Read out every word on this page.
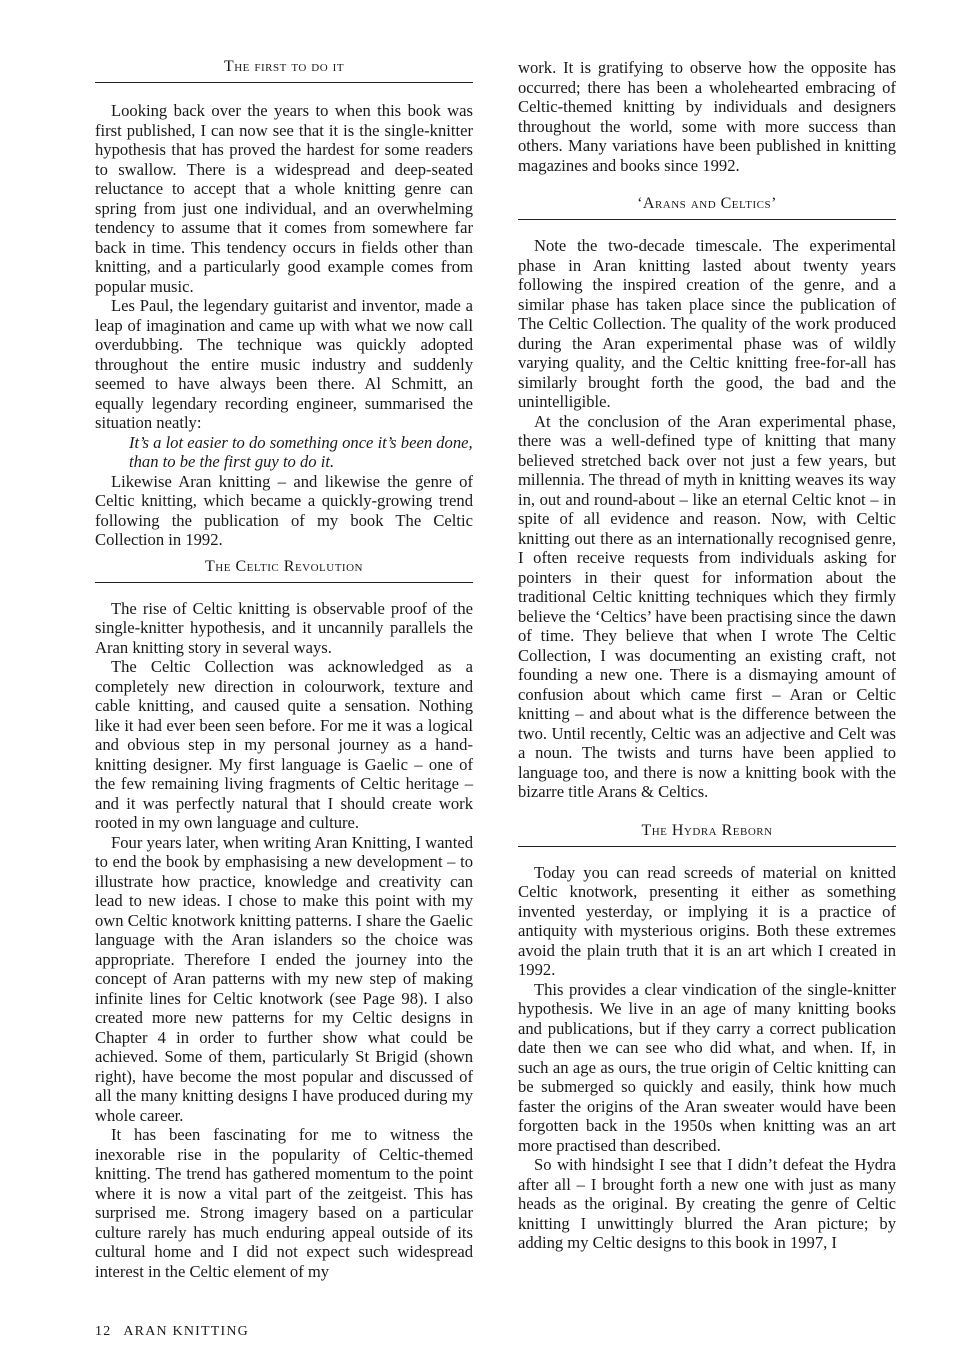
The first to do it

Looking back over the years to when this book was first published, I can now see that it is the single-knitter hypothesis that has proved the hardest for some readers to swallow. There is a widespread and deep-seated reluctance to accept that a whole knitting genre can spring from just one individual, and an overwhelming tendency to assume that it comes from somewhere far back in time. This tendency occurs in fields other than knitting, and a particularly good example comes from popular music.

Les Paul, the legendary guitarist and inventor, made a leap of imagination and came up with what we now call overdubbing. The technique was quickly adopted throughout the entire music industry and suddenly seemed to have always been there. Al Schmitt, an equally legendary recording engineer, summarised the situation neatly:

It’s a lot easier to do something once it’s been done, than to be the first guy to do it.

Likewise Aran knitting – and likewise the genre of Celtic knitting, which became a quickly-growing trend following the publication of my book The Celtic Collection in 1992.

The Celtic Revolution

The rise of Celtic knitting is observable proof of the single-knitter hypothesis, and it uncannily parallels the Aran knitting story in several ways.

The Celtic Collection was acknowledged as a completely new direction in colourwork, texture and cable knitting, and caused quite a sensation. Nothing like it had ever been seen before. For me it was a logical and obvious step in my personal journey as a hand-knitting designer. My first language is Gaelic – one of the few remaining living fragments of Celtic heritage – and it was perfectly natural that I should create work rooted in my own language and culture.

Four years later, when writing Aran Knitting, I wanted to end the book by emphasising a new development – to illustrate how practice, knowledge and creativity can lead to new ideas. I chose to make this point with my own Celtic knotwork knitting patterns. I share the Gaelic language with the Aran islanders so the choice was appropriate. Therefore I ended the journey into the concept of Aran patterns with my new step of making infinite lines for Celtic knotwork (see Page 98). I also created more new patterns for my Celtic designs in Chapter 4 in order to further show what could be achieved. Some of them, particularly St Brigid (shown right), have become the most popular and discussed of all the many knitting designs I have produced during my whole career.

It has been fascinating for me to witness the inexorable rise in the popularity of Celtic-themed knitting. The trend has gathered momentum to the point where it is now a vital part of the zeitgeist. This has surprised me. Strong imagery based on a particular culture rarely has much enduring appeal outside of its cultural home and I did not expect such widespread interest in the Celtic element of my

work. It is gratifying to observe how the opposite has occurred; there has been a wholehearted embracing of Celtic-themed knitting by individuals and designers throughout the world, some with more success than others. Many variations have been published in knitting magazines and books since 1992.

‘Arans and Celtics’

Note the two-decade timescale. The experimental phase in Aran knitting lasted about twenty years following the inspired creation of the genre, and a similar phase has taken place since the publication of The Celtic Collection. The quality of the work produced during the Aran experimental phase was of wildly varying quality, and the Celtic knitting free-for-all has similarly brought forth the good, the bad and the unintelligible.

At the conclusion of the Aran experimental phase, there was a well-defined type of knitting that many believed stretched back over not just a few years, but millennia. The thread of myth in knitting weaves its way in, out and round-about – like an eternal Celtic knot – in spite of all evidence and reason. Now, with Celtic knitting out there as an internationally recognised genre, I often receive requests from individuals asking for pointers in their quest for information about the traditional Celtic knitting techniques which they firmly believe the ‘Celtics’ have been practising since the dawn of time. They believe that when I wrote The Celtic Collection, I was documenting an existing craft, not founding a new one. There is a dismaying amount of confusion about which came first – Aran or Celtic knitting – and about what is the difference between the two. Until recently, Celtic was an adjective and Celt was a noun. The twists and turns have been applied to language too, and there is now a knitting book with the bizarre title Arans & Celtics.

The Hydra Reborn

Today you can read screeds of material on knitted Celtic knotwork, presenting it either as something invented yesterday, or implying it is a practice of antiquity with mysterious origins. Both these extremes avoid the plain truth that it is an art which I created in 1992.

This provides a clear vindication of the single-knitter hypothesis. We live in an age of many knitting books and publications, but if they carry a correct publication date then we can see who did what, and when. If, in such an age as ours, the true origin of Celtic knitting can be submerged so quickly and easily, think how much faster the origins of the Aran sweater would have been forgotten back in the 1950s when knitting was an art more practised than described.

So with hindsight I see that I didn’t defeat the Hydra after all – I brought forth a new one with just as many heads as the original. By creating the genre of Celtic knitting I unwittingly blurred the Aran picture; by adding my Celtic designs to this book in 1997, I

12 ARAN KNITTING
